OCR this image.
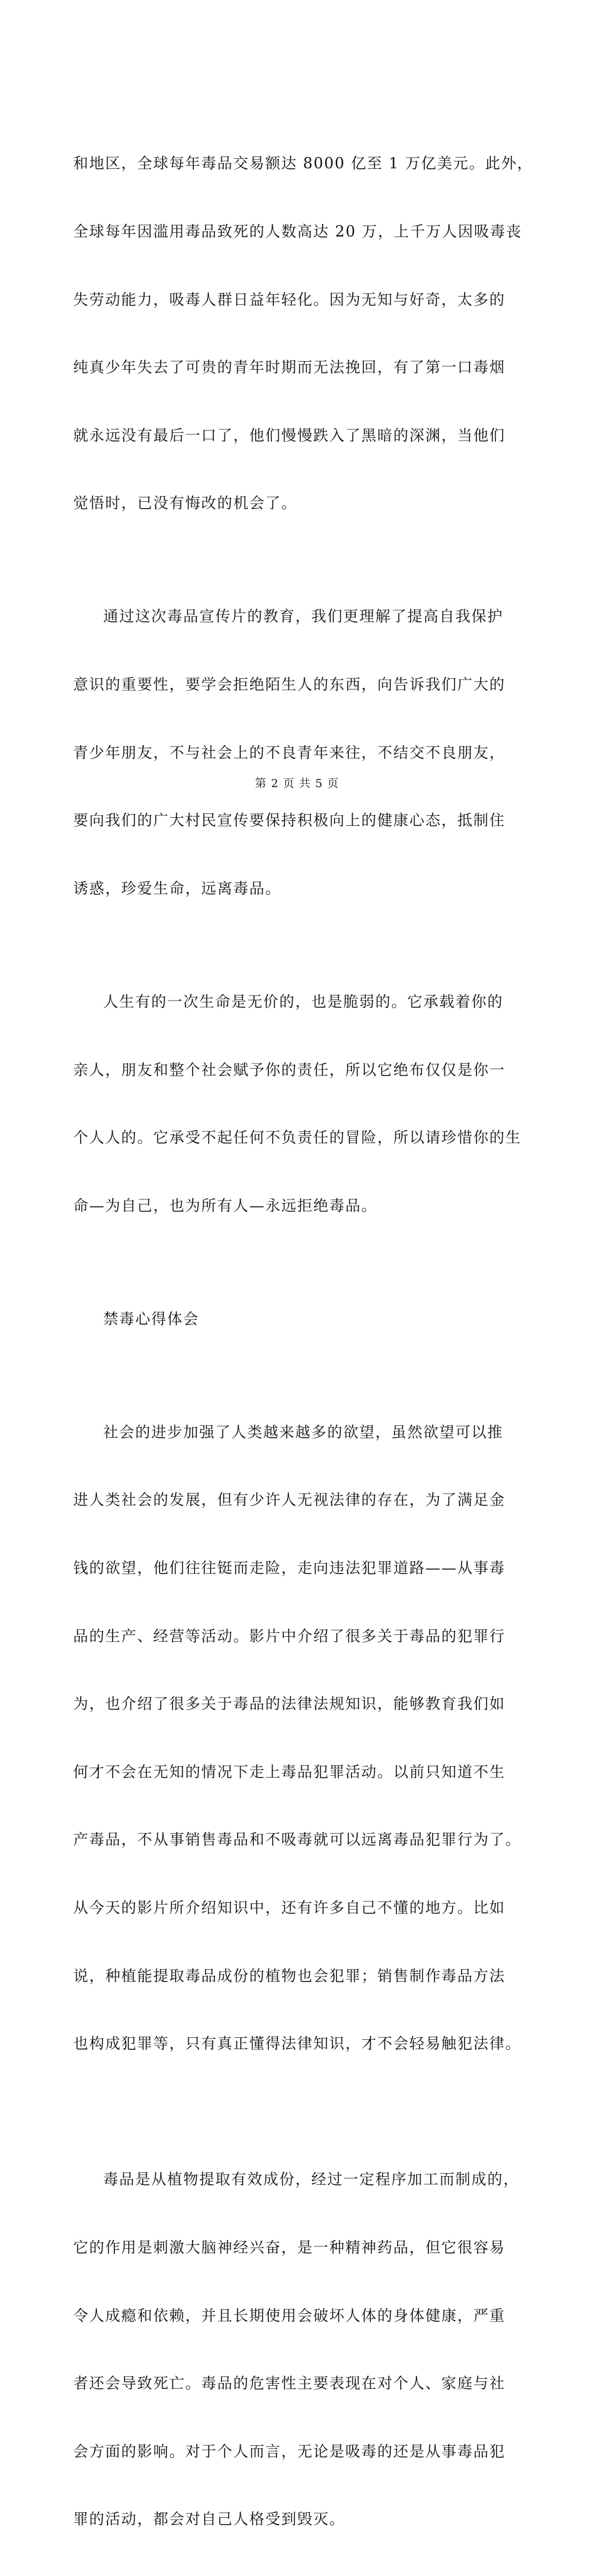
和地区，全球每年毒品交易额达 8000 亿至 1 万亿美元。此外，

全球每年因滥用毒品致死的人数高达 20 万，上千万人因吸毒丧

失劳动能力，吸毒人群日益年轻化。因为无知与好奇，太多的

纯真少年失去了可贵的青年时期而无法挽回，有了第一口毒烟

就永远没有最后一口了，他们慢慢跌入了黑暗的深渊，当他们

觉悟时，已没有悔改的机会了。

通过这次毒品宣传片的教育，我们更理解了提高自我保护

意识的重要性，要学会拒绝陌生人的东西，向告诉我们广大的

青少年朋友，不与社会上的不良青年来往，不结交不良朋友，

要向我们的广大村民宣传要保持积极向上的健康心态，抵制住

诱惑，珍爱生命，远离毒品。

人生有的一次生命是无价的，也是脆弱的。它承载着你的

亲人，朋友和整个社会赋予你的责任，所以它绝布仅仅是你一

个人人的。它承受不起任何不负责任的冒险，所以请珍惜你的生

命—为自己，也为所有人—永远拒绝毒品。

禁毒心得体会

社会的进步加强了人类越来越多的欲望，虽然欲望可以推

进人类社会的发展，但有少许人无视法律的存在，为了满足金

钱的欲望，他们往往铤而走险，走向违法犯罪道路——从事毒

品的生产、经营等活动。影片中介绍了很多关于毒品的犯罪行

为，也介绍了很多关于毒品的法律法规知识，能够教育我们如

何才不会在无知的情况下走上毒品犯罪活动。以前只知道不生

产毒品，不从事销售毒品和不吸毒就可以远离毒品犯罪行为了。

从今天的影片所介绍知识中，还有许多自己不懂的地方。比如

说，种植能提取毒品成份的植物也会犯罪；销售制作毒品方法

也构成犯罪等，只有真正懂得法律知识，才不会轻易触犯法律。

毒品是从植物提取有效成份，经过一定程序加工而制成的，

它的作用是刺激大脑神经兴奋，是一种精神药品，但它很容易

令人成瘾和依赖，并且长期使用会破坏人体的身体健康，严重

者还会导致死亡。毒品的危害性主要表现在对个人、家庭与社

会方面的影响。对于个人而言，无论是吸毒的还是从事毒品犯

罪的活动，都会对自己人格受到毁灭。

第 2 页 共 5 页
